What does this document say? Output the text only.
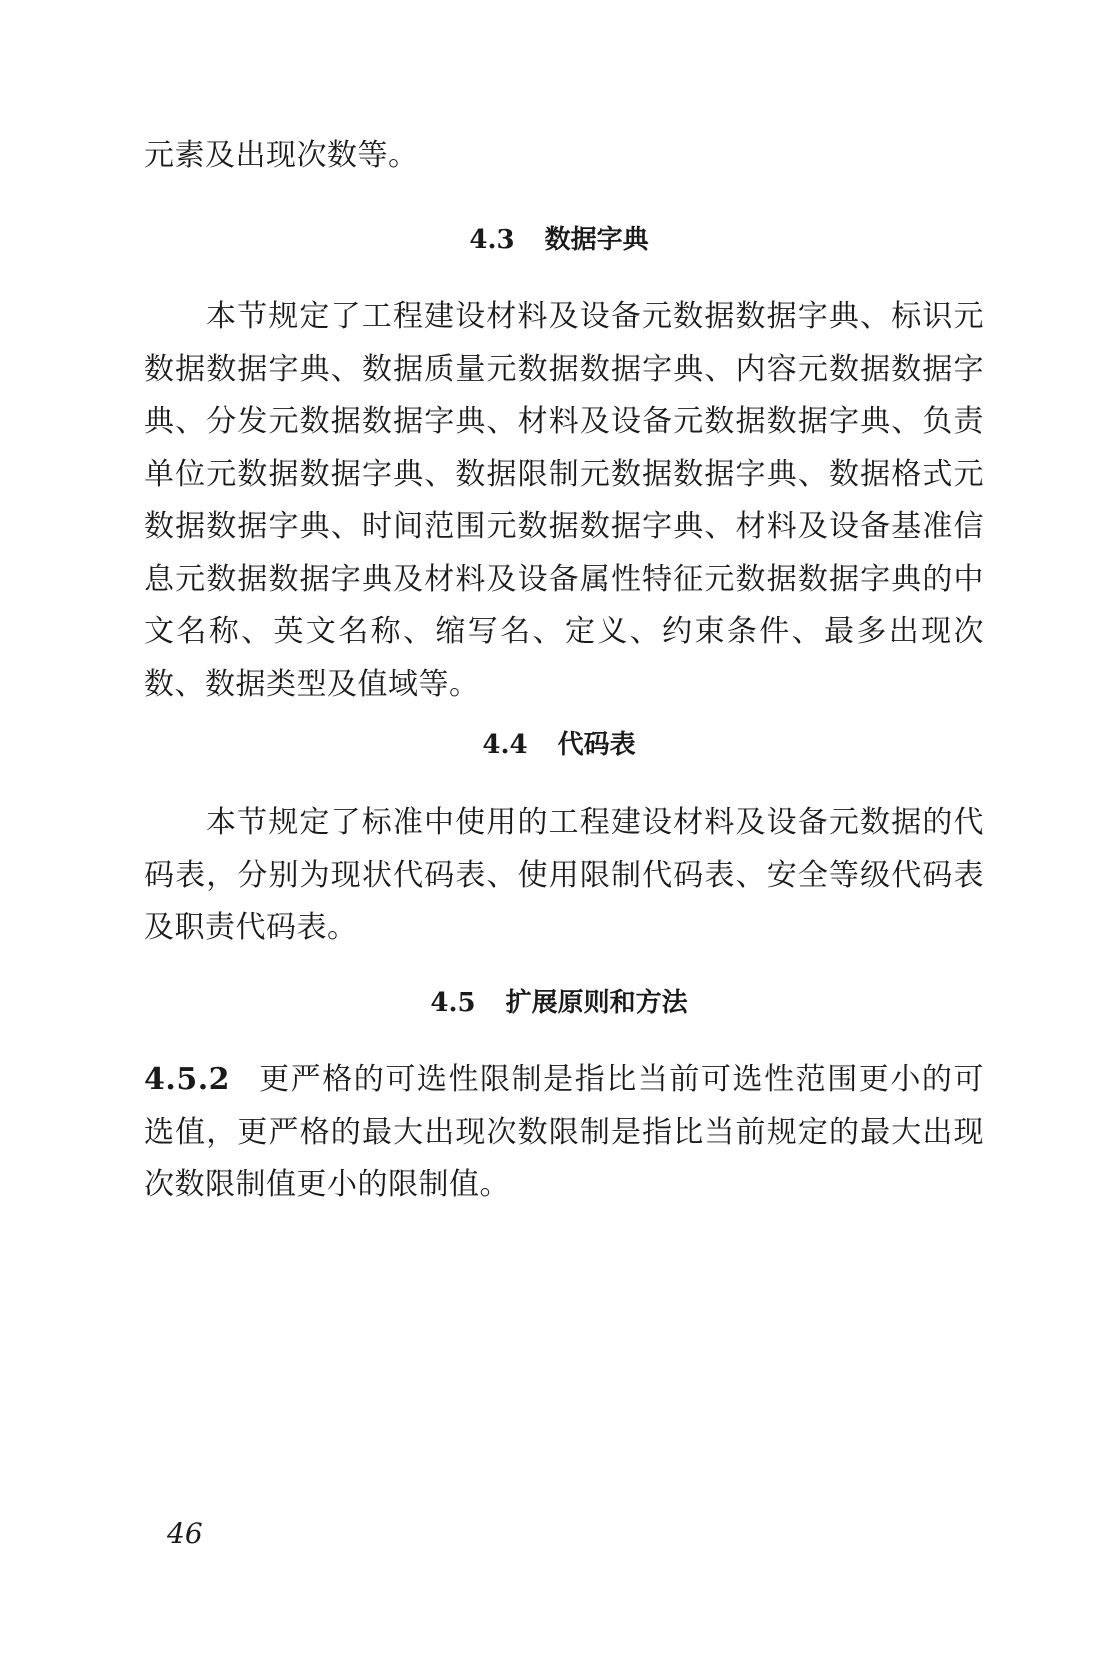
元素及出现次数等。

4.3 数据字典

本节规定了工程建设材料及设备元数据数据字典、标识元数据数据字典、数据质量元数据数据字典、内容元数据数据字典、分发元数据数据字典、材料及设备元数据数据字典、负责单位元数据数据字典、数据限制元数据数据字典、数据格式元数据数据字典、时间范围元数据数据字典、材料及设备基准信息元数据数据字典及材料及设备属性特征元数据数据字典的中文名称、英文名称、缩写名、定义、约束条件、最多出现次数、数据类型及值域等。

4.4 代码表

本节规定了标准中使用的工程建设材料及设备元数据的代码表，分别为现状代码表、使用限制代码表、安全等级代码表及职责代码表。

4.5 扩展原则和方法

4.5.2 更严格的可选性限制是指比当前可选性范围更小的可选值，更严格的最大出现次数限制是指比当前规定的最大出现次数限制值更小的限制值。

46
